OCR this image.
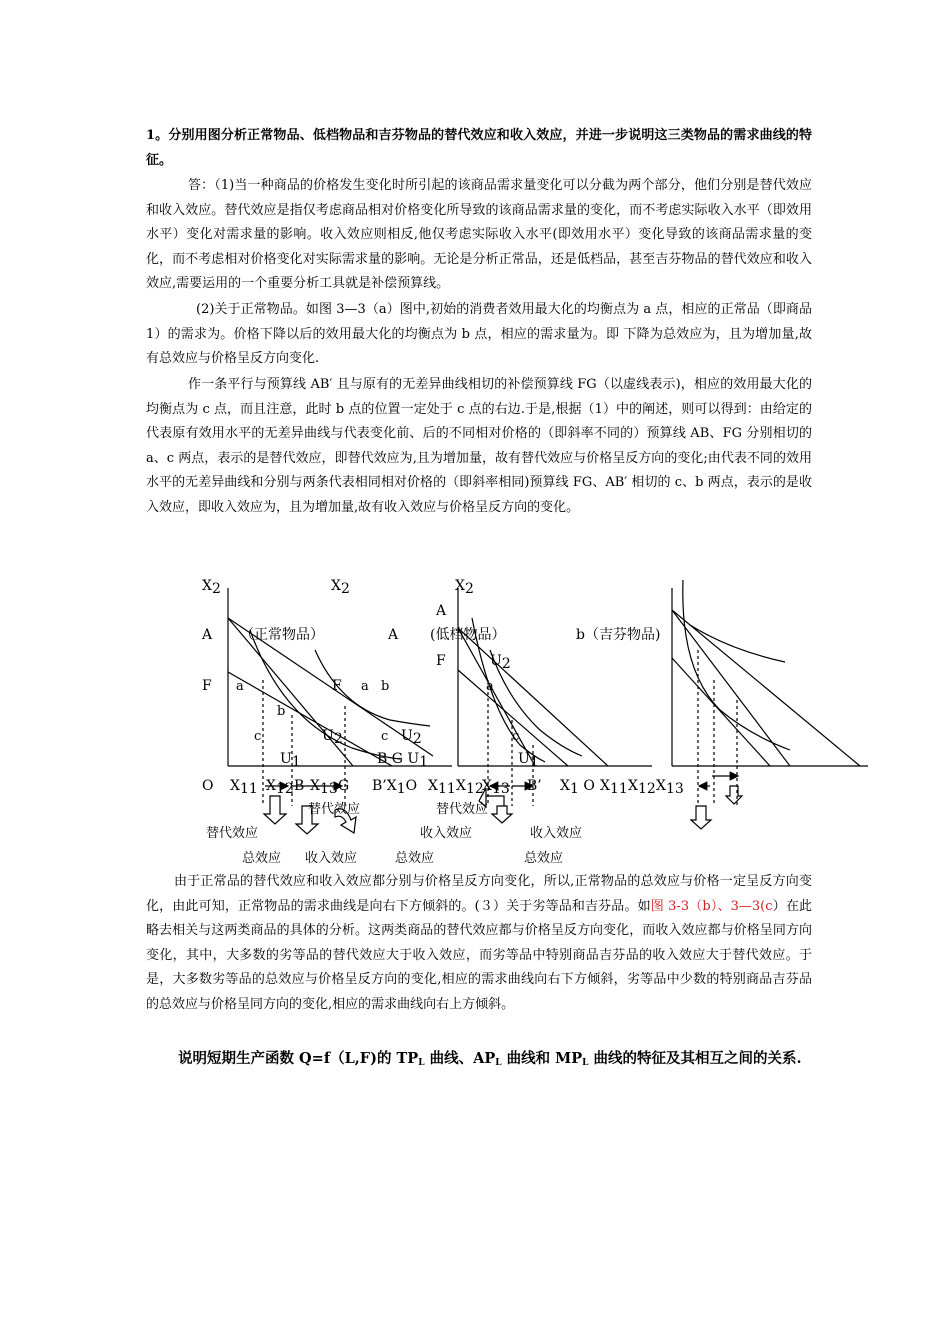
1。分别用图分析正常物品、低档物品和吉芬物品的替代效应和收入效应，并进一步说明这三类物品的需求曲线的特征。
答：（1)当一种商品的价格发生变化时所引起的该商品需求量变化可以分截为两个部分，他们分别是替代效应和收入效应。替代效应是指仅考虑商品相对价格变化所导致的该商品需求量的变化，而不考虑实际收入水平（即效用水平）变化对需求量的影响。收入效应则相反,他仅考虑实际收入水平(即效用水平）变化导致的该商品需求量的变化，而不考虑相对价格变化对实际需求量的影响。无论是分析正常品，还是低档品，甚至吉芬物品的替代效应和收入效应,需要运用的一个重要分析工具就是补偿预算线。
(2)关于正常物品。如图 3—3（a）图中,初始的消费者效用最大化的均衡点为 a 点，相应的正常品（即商品 1）的需求为。价格下降以后的效用最大化的均衡点为 b 点，相应的需求量为。即 下降为总效应为，且为增加量,故有总效应与价格呈反方向变化.
作一条平行与预算线 AB′ 且与原有的无差异曲线相切的补偿预算线 FG（以虚线表示)，相应的效用最大化的均衡点为 c 点，而且注意，此时 b 点的位置一定处于 c 点的右边.于是,根据（1）中的阐述，则可以得到：由给定的代表原有效用水平的无差异曲线与代表变化前、后的不同相对价格的（即斜率不同的）预算线 AB、FG 分别相切的 a、c 两点，表示的是替代效应，即替代效应为,且为增加量，故有替代效应与价格呈反方向的变化;由代表不同的效用水平的无差异曲线和分别与两条代表相同相对价格的（即斜率相同)预算线 FG、AB′ 相切的 c、b 两点，表示的是收入效应，即收入效应为，且为增加量,故有收入效应与价格呈反方向的变化。
X2	X2	X2
A
A （正常物品）	A (低档物品）	b（吉芬物品)
F	U2
F a	F a b	a
b
c	U2	c U2	c
U1	B G U1	U1
O X11 X12 B X13 G B’X1O X11 X12
X13 B’ X1 O X11 X12 X13
替代效应	替代效应
替代效应	收入效应	收入效应
总效应 收入效应	总效应	总效应
由于正常品的替代效应和收入效应都分别与价格呈反方向变化，所以,正常物品的总效应与价格一定呈反方向变化，由此可知，正常物品的需求曲线是向右下方倾斜的。(３）关于劣等品和吉芬品。如图 3-3（b）、3—3(c）在此略去相关与这两类商品的具体的分析。这两类商品的替代效应都与价格呈反方向变化，而收入效应都与价格呈同方向变化，其中，大多数的劣等品的替代效应大于收入效应，而劣等品中特别商品吉芬品的收入效应大于替代效应。于是，大多数劣等品的总效应与价格呈反方向的变化,相应的需求曲线向右下方倾斜，劣等品中少数的特别商品吉芬品的总效应与价格呈同方向的变化,相应的需求曲线向右上方倾斜。
说明短期生产函数 Q=f（L,F)的 $TP_L$ 曲线、$AP_L$ 曲线和 $MP_L$ 曲线的特征及其相互之间的关系.
